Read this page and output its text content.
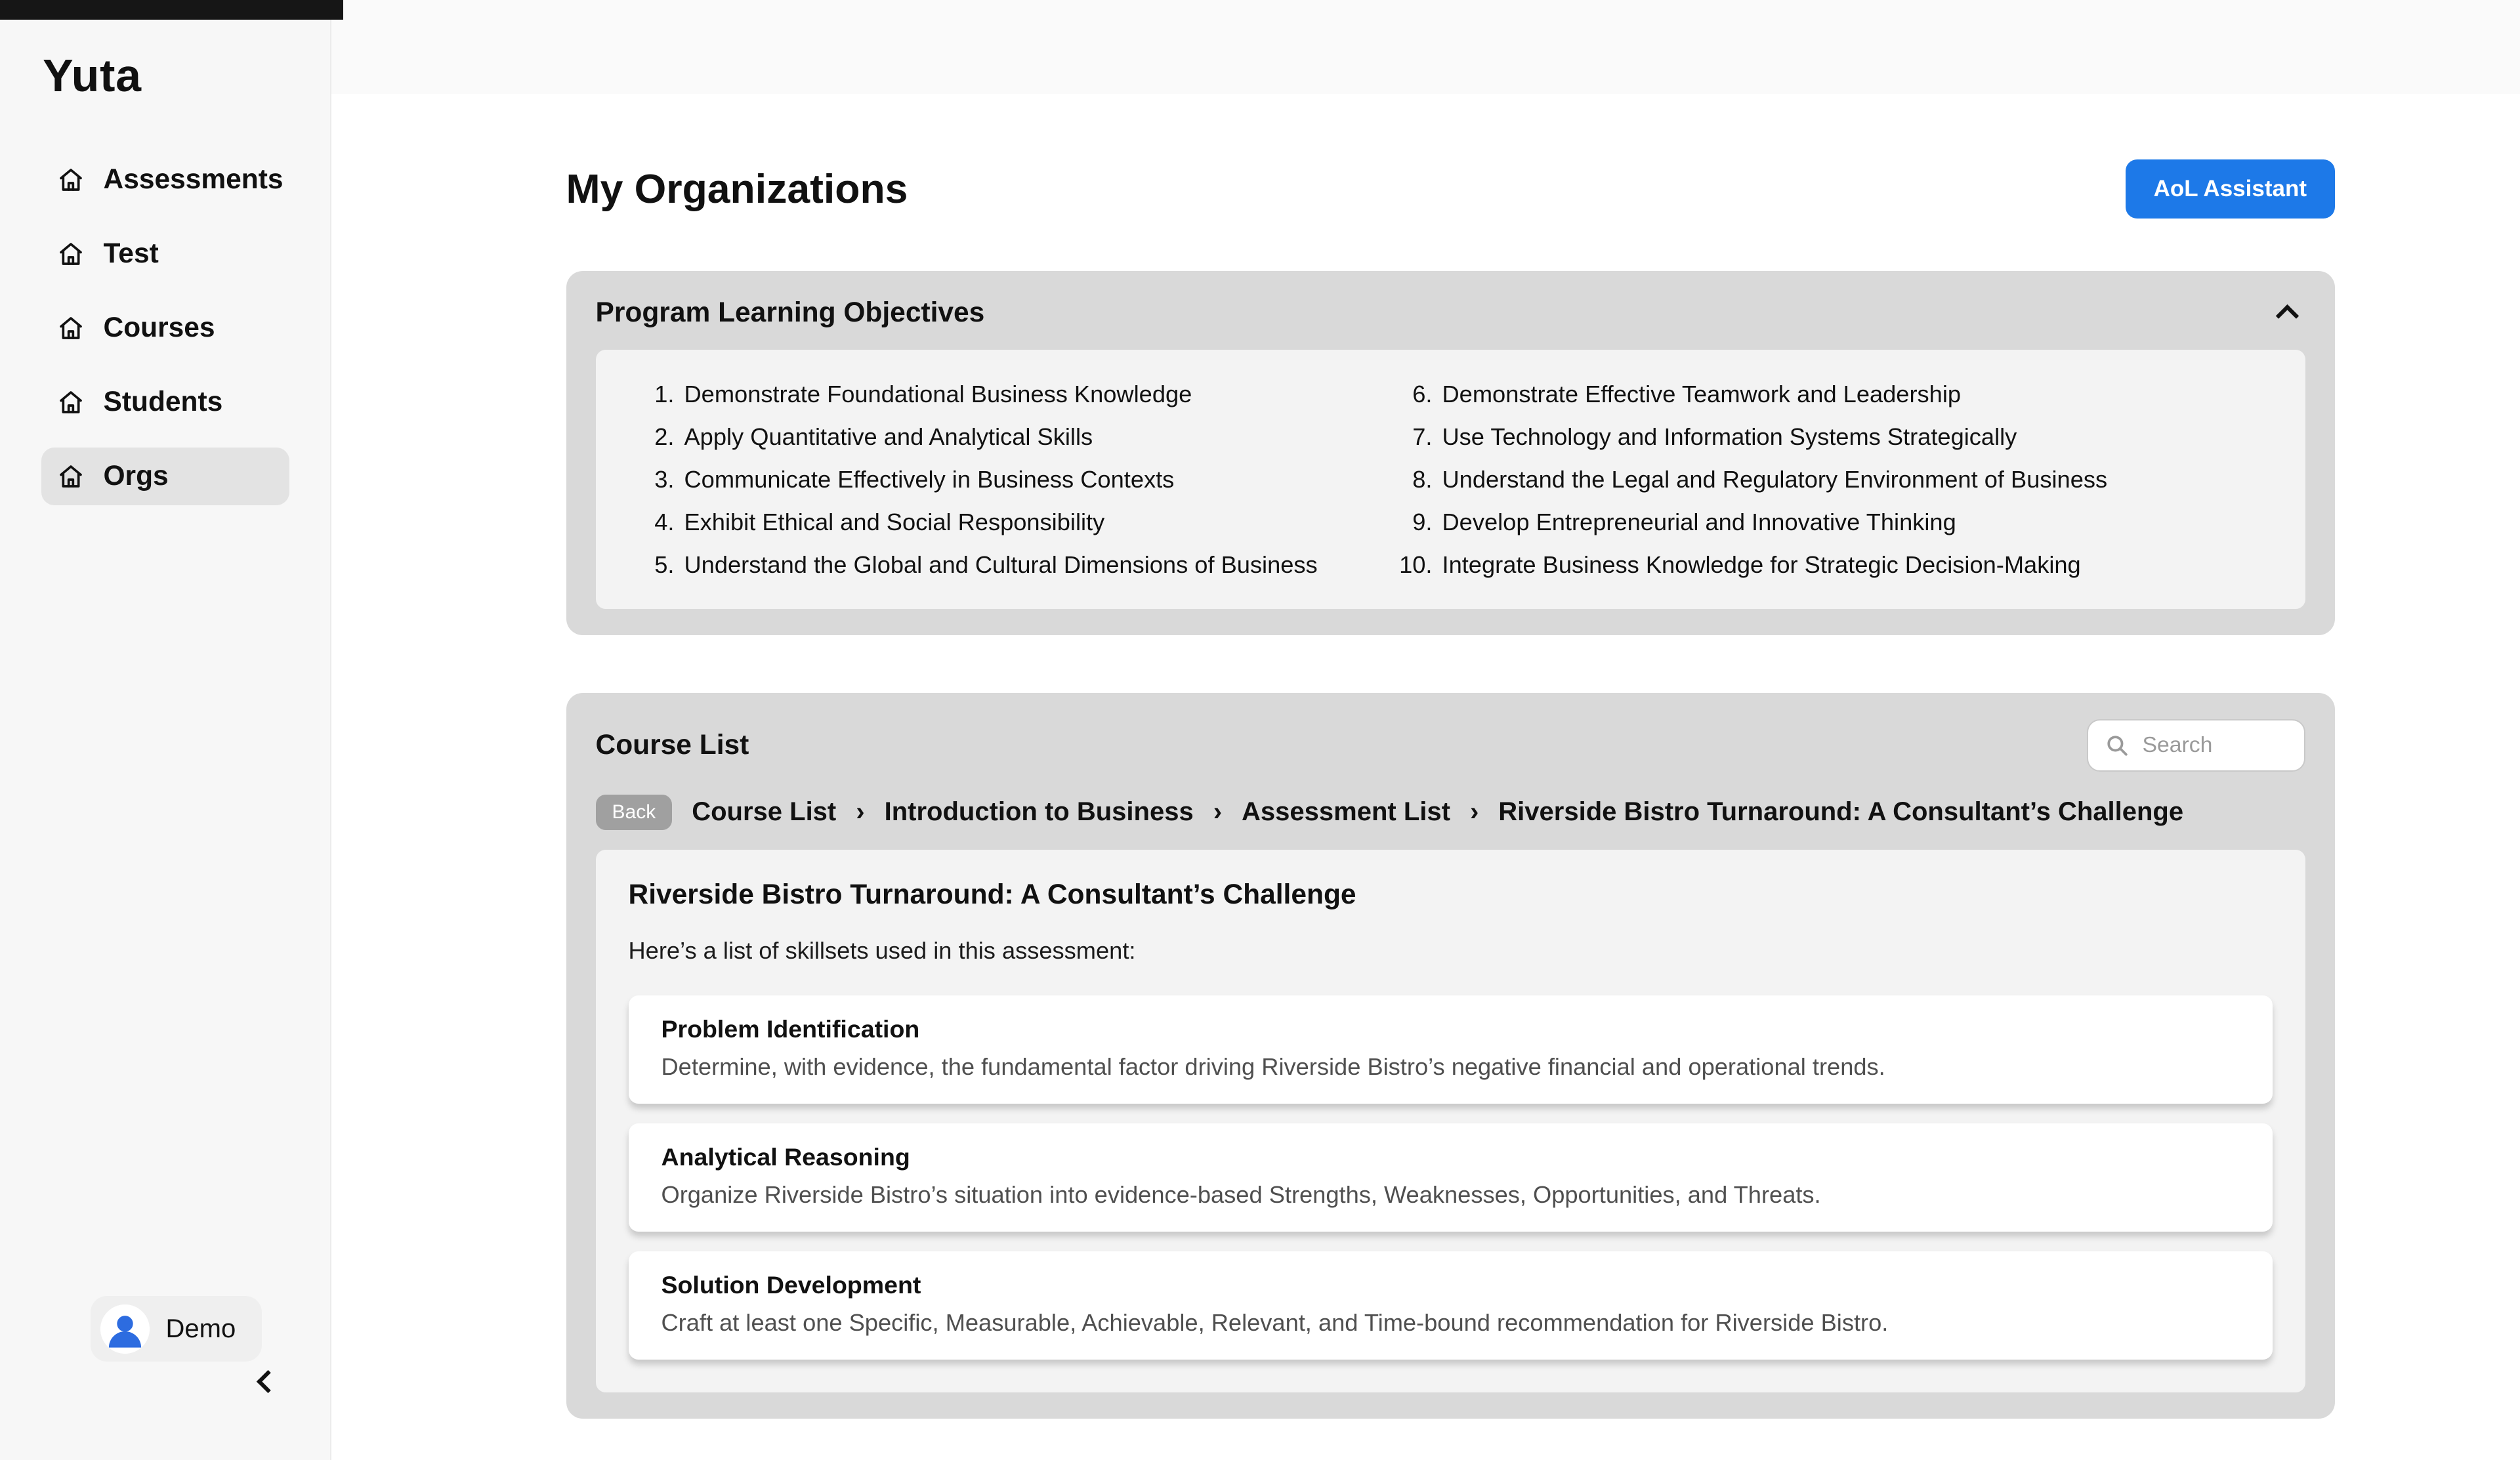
Yuta
Assessments
Test
Courses
Students
Orgs
Demo
My Organizations	AoL Assistant
Program Learning Objectives
1. Demonstrate Foundational Business Knowledge
2. Apply Quantitative and Analytical Skills
3. Communicate Effectively in Business Contexts
4. Exhibit Ethical and Social Responsibility
5. Understand the Global and Cultural Dimensions of Business
6. Demonstrate Effective Teamwork and Leadership
7. Use Technology and Information Systems Strategically
8. Understand the Legal and Regulatory Environment of Business
9. Develop Entrepreneurial and Innovative Thinking
10. Integrate Business Knowledge for Strategic Decision-Making
Course List
Search
Back	Course List › Introduction to Business › Assessment List › Riverside Bistro Turnaround: A Consultant’s Challenge
Riverside Bistro Turnaround: A Consultant’s Challenge
Here’s a list of skillsets used in this assessment:
Problem Identification
Determine, with evidence, the fundamental factor driving Riverside Bistro’s negative financial and operational trends.
Analytical Reasoning
Organize Riverside Bistro’s situation into evidence-based Strengths, Weaknesses, Opportunities, and Threats.
Solution Development
Craft at least one Specific, Measurable, Achievable, Relevant, and Time-bound recommendation for Riverside Bistro.
